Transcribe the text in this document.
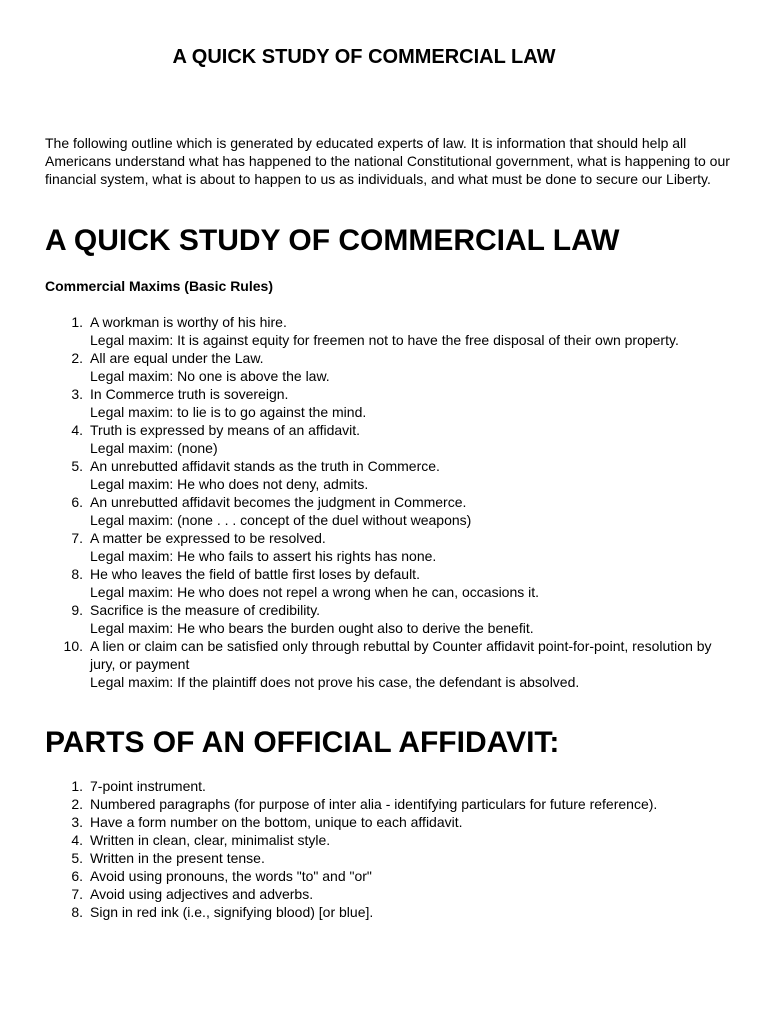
A QUICK STUDY OF COMMERCIAL LAW

The following outline which is generated by educated experts of law. It is information that should help all Americans understand what has happened to the national Constitutional government, what is happening to our financial system, what is about to happen to us as individuals, and what must be done to secure our Liberty.

A QUICK STUDY OF COMMERCIAL LAW

Commercial Maxims (Basic Rules)

1. A workman is worthy of his hire.
Legal maxim: It is against equity for freemen not to have the free disposal of their own property.
2. All are equal under the Law.
Legal maxim: No one is above the law.
3. In Commerce truth is sovereign.
Legal maxim: to lie is to go against the mind.
4. Truth is expressed by means of an affidavit.
Legal maxim: (none)
5. An unrebutted affidavit stands as the truth in Commerce.
Legal maxim: He who does not deny, admits.
6. An unrebutted affidavit becomes the judgment in Commerce.
Legal maxim: (none . . . concept of the duel without weapons)
7. A matter be expressed to be resolved.
Legal maxim: He who fails to assert his rights has none.
8. He who leaves the field of battle first loses by default.
Legal maxim: He who does not repel a wrong when he can, occasions it.
9. Sacrifice is the measure of credibility.
Legal maxim: He who bears the burden ought also to derive the benefit.
10. A lien or claim can be satisfied only through rebuttal by Counter affidavit point-for-point, resolution by jury, or payment
Legal maxim: If the plaintiff does not prove his case, the defendant is absolved.
PARTS OF AN OFFICIAL AFFIDAVIT:
1. 7-point instrument.
2. Numbered paragraphs (for purpose of inter alia - identifying particulars for future reference).
3. Have a form number on the bottom, unique to each affidavit.
4. Written in clean, clear, minimalist style.
5. Written in the present tense.
6. Avoid using pronouns, the words "to" and "or"
7. Avoid using adjectives and adverbs.
8. Sign in red ink (i.e., signifying blood) [or blue].
